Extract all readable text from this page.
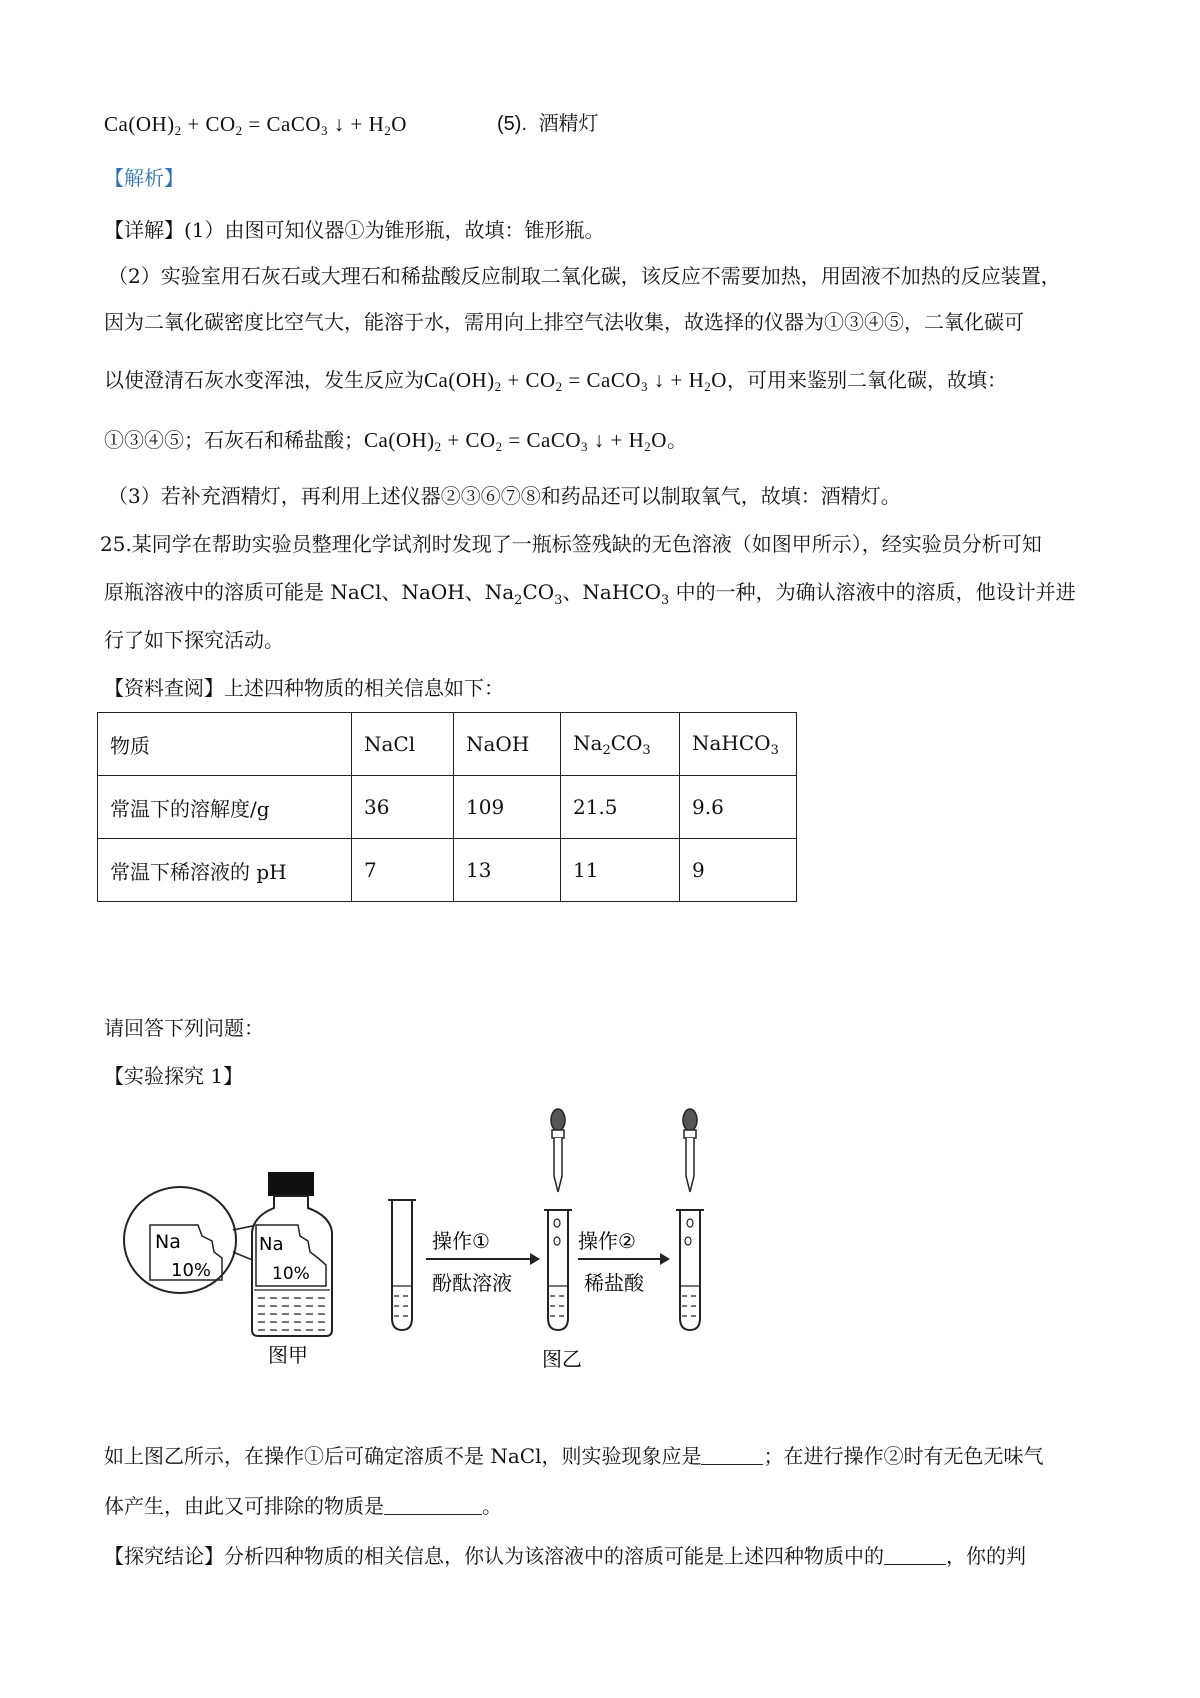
$Ca(OH)_2 + CO_2$ = CaCO$_3$ ↓ + $H_2O$	(5). 酒精灯
【解析】
【详解】(1）由图可知仪器①为锥形瓶，故填：锥形瓶。
（2）实验室用石灰石或大理石和稀盐酸反应制取二氧化碳，该反应不需要加热，用固液不加热的反应装置，
因为二氧化碳密度比空气大，能溶于水，需用向上排空气法收集，故选择的仪器为①③④⑤，二氧化碳可
以使澄清石灰水变浑浊，发生反应为$Ca(OH)_2 + CO_2$ = CaCO$_3$ ↓ + $H_2O$，可用来鉴别二氧化碳，故填：
①③④⑤；石灰石和稀盐酸；$Ca(OH)_2 + CO_2$ = CaCO$_3$ ↓ + $H_2O$。
（3）若补充酒精灯，再利用上述仪器②③⑥⑦⑧和药品还可以制取氧气，故填：酒精灯。
25.某同学在帮助实验员整理化学试剂时发现了一瓶标签残缺的无色溶液（如图甲所示），经实验员分析可知
原瓶溶液中的溶质可能是 NaCl、NaOH、$Na_2CO_3$、NaHCO$_3$ 中的一种，为确认溶液中的溶质，他设计并进
行了如下探究活动。
【资料查阅】上述四种物质的相关信息如下：
物质	NaCl	NaOH	$Na_2CO_3$	NaHCO$_3$
常温下的溶解度/g	36	109	21.5	9.6
常温下稀溶液的 pH	7	13	11	9
请回答下列问题：
【实验探究 1】
Na
10%
Na
10%
图甲
操作①
酚酞溶液
操作②
稀盐酸
图乙
如上图乙所示，在操作①后可确定溶质不是 NaCl，则实验现象应是	；在进行操作②时有无色无味气
体产生，由此又可排除的物质是	。
【探究结论】分析四种物质的相关信息，你认为该溶液中的溶质可能是上述四种物质中的	，你的判
